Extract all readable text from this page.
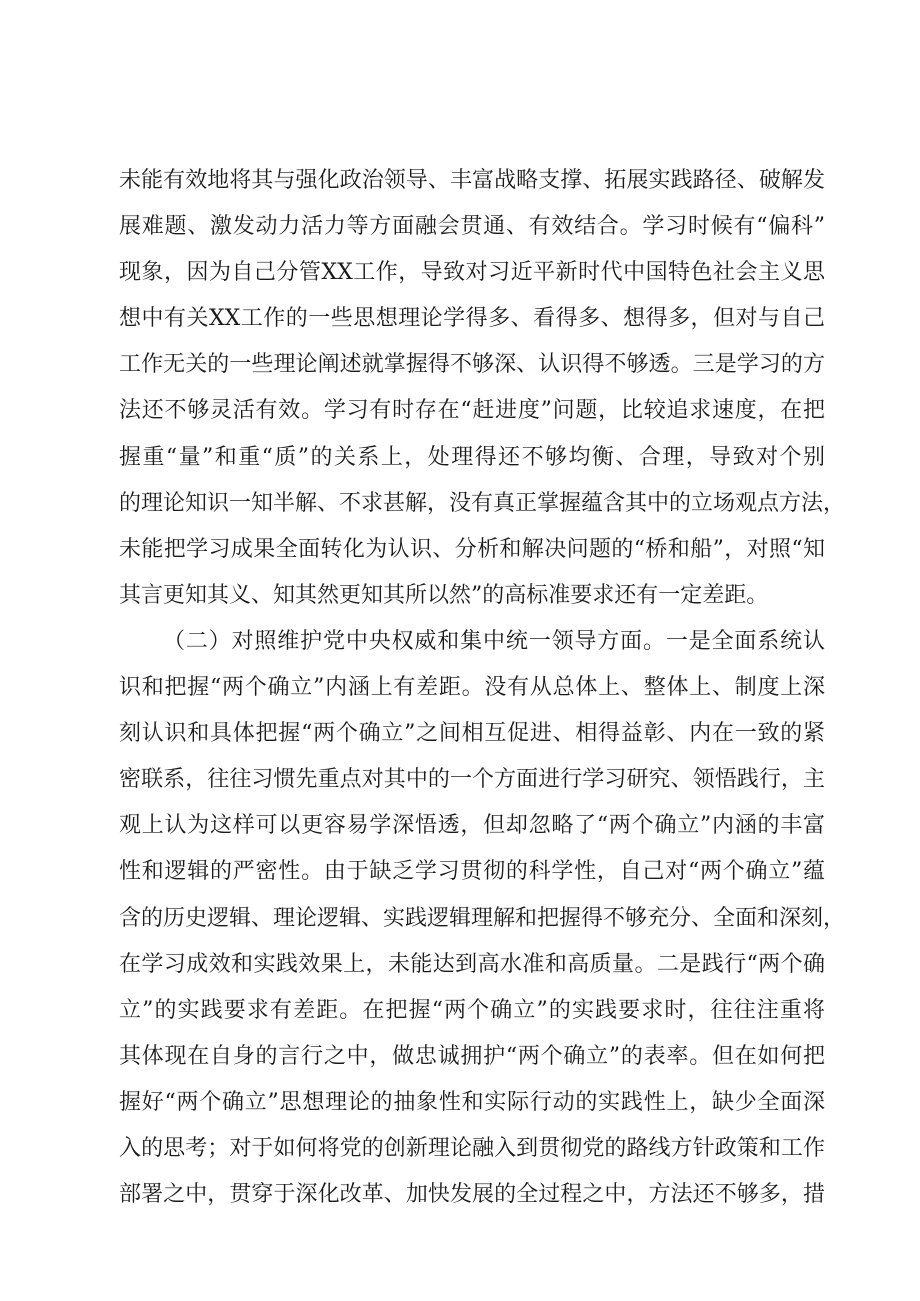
未能有效地将其与强化政治领导、丰富战略支撑、拓展实践路径、破解发
展难题、激发动力活力等方面融会贯通、有效结合。学习时候有“偏科”
现象，因为自己分管XX工作，导致对习近平新时代中国特色社会主义思
想中有关XX工作的一些思想理论学得多、看得多、想得多，但对与自己
工作无关的一些理论阐述就掌握得不够深、认识得不够透。三是学习的方
法还不够灵活有效。学习有时存在“赶进度”问题，比较追求速度，在把
握重“量”和重“质”的关系上，处理得还不够均衡、合理，导致对个别
的理论知识一知半解、不求甚解，没有真正掌握蕴含其中的立场观点方法，
未能把学习成果全面转化为认识、分析和解决问题的“桥和船”，对照“知
其言更知其义、知其然更知其所以然”的高标准要求还有一定差距。
（二）对照维护党中央权威和集中统一领导方面。一是全面系统认
识和把握“两个确立”内涵上有差距。没有从总体上、整体上、制度上深
刻认识和具体把握“两个确立”之间相互促进、相得益彰、内在一致的紧
密联系，往往习惯先重点对其中的一个方面进行学习研究、领悟践行，主
观上认为这样可以更容易学深悟透，但却忽略了“两个确立”内涵的丰富
性和逻辑的严密性。由于缺乏学习贯彻的科学性，自己对“两个确立”蕴
含的历史逻辑、理论逻辑、实践逻辑理解和把握得不够充分、全面和深刻，
在学习成效和实践效果上，未能达到高水准和高质量。二是践行“两个确
立”的实践要求有差距。在把握“两个确立”的实践要求时，往往注重将
其体现在自身的言行之中，做忠诚拥护“两个确立”的表率。但在如何把
握好“两个确立”思想理论的抽象性和实际行动的实践性上，缺少全面深
入的思考；对于如何将党的创新理论融入到贯彻党的路线方针政策和工作
部署之中，贯穿于深化改革、加快发展的全过程之中，方法还不够多，措
